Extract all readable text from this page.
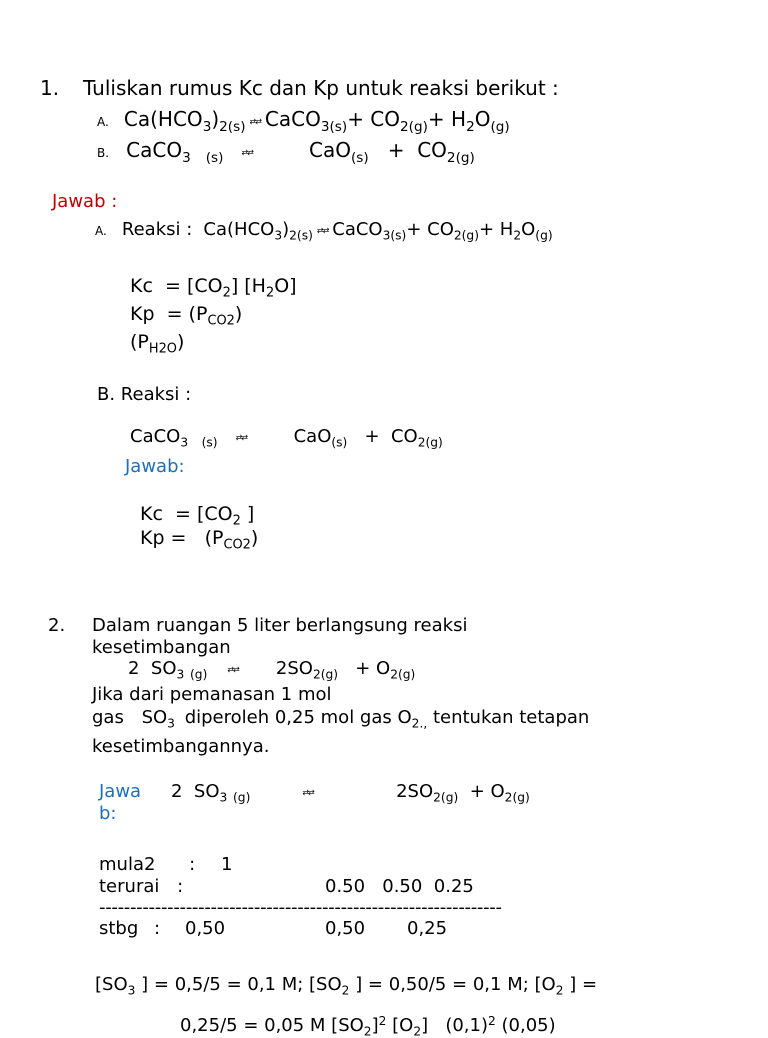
1. Tuliskan rumus Kc dan Kp untuk reaksi berikut :
A. $Ca(HCO_3)_{2(s)}$ ⇄⇄ CaCO$_{3(s)}$+ $CO_{2(g)}+ H_2O_{(g)}$
B. CaCO$_3$   $_{(s)}$ ⇄⇄      $CaO_{(s)} + CO_{2(g)}$
Jawab :
A. Reaksi : $Ca(HCO_3)_{2(s)}$ ⇄⇄ CaCO$_{3(s)}$+ $CO_{2(g)}+ H_2O_{(g)}$
$Kc = [CO_2]$ $[H_2O]$
$Kp = (P_{CO2})$
$(P_{H2O})$
B. Reaksi :
CaCO$_3$   $_{(s)}$ ⇄⇄     $CaO_{(s)} + CO_{2(g)}$
Jawab:
$Kc = [CO_2$ ]
$Kp = (P_{CO2})$
2. Dalam ruangan 5 liter berlangsung reaksi
kesetimbangan
2  $SO_3$ $_{(g)}$	⇄⇄   $2SO_{2(g)} + O_{2(g)}$
Jika dari pemanasan 1 mol
gas $SO_3$ diperoleh 0,25 mol gas $O_{2.,}$ tentukan tetapan
kesetimbangannya.
Jawa
b:
2  $SO_3$ $_{(g)}$	⇄⇄	$2SO_{2(g)} + O_{2(g)}$
mula2 : 1
terurai :	0.50   0.50  0.25
-----------------------------------------------------------------
stbg : 0,50	0,50 0,25
[$SO_3$ ] = 0,5/5 = 0,1 M; [$SO_2$ ] = 0,50/5 = 0,1 M; [$O_2$ ] =
0,25/5 = 0,05 M $[SO_2]^2$ $[O_2]$   $(0,1)^2$ (0,05)
